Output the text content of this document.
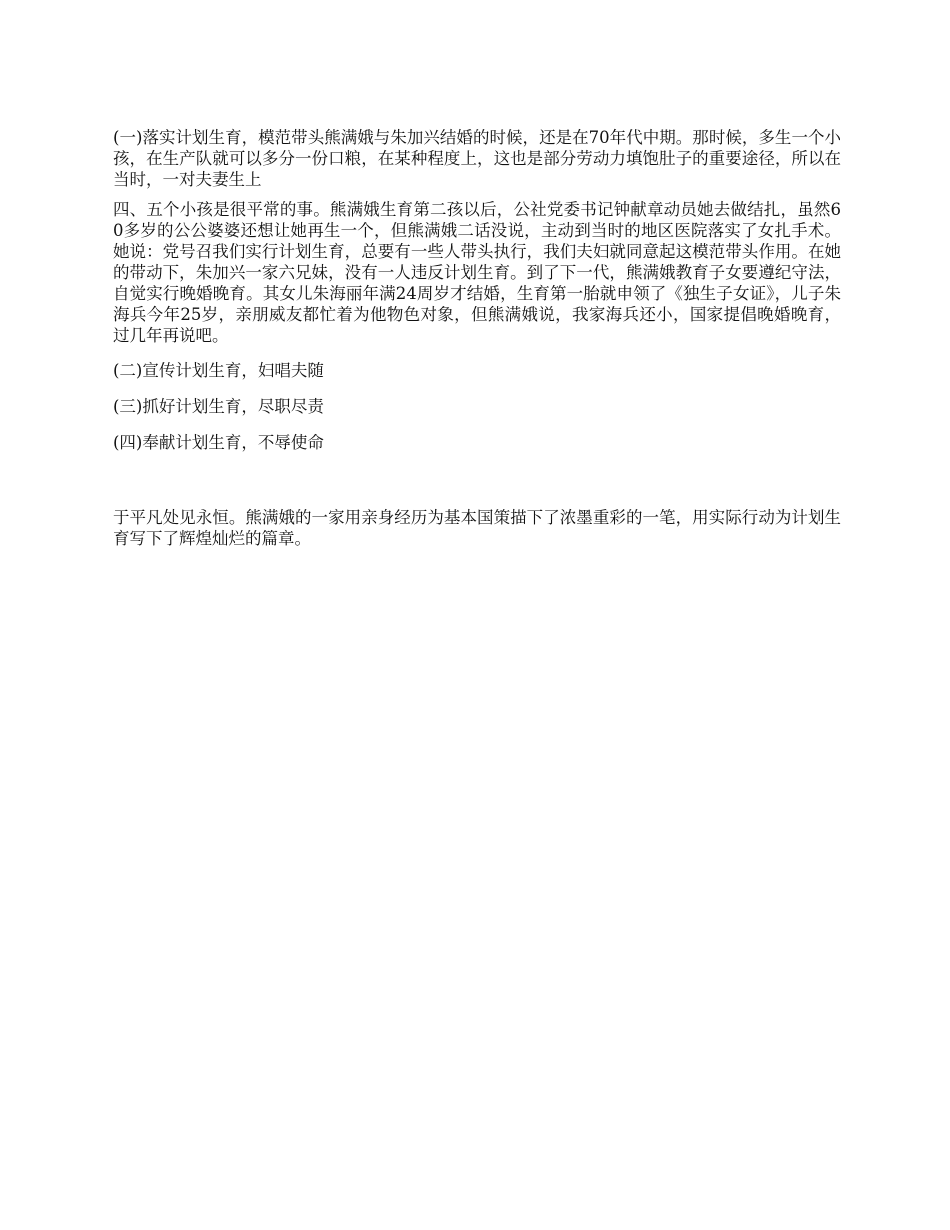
(一)落实计划生育，模范带头熊满娥与朱加兴结婚的时候，还是在70年代中期。那时候，多生一个小孩，在生产队就可以多分一份口粮，在某种程度上，这也是部分劳动力填饱肚子的重要途径，所以在当时，一对夫妻生上

四、五个小孩是很平常的事。熊满娥生育第二孩以后，公社党委书记钟献章动员她去做结扎，虽然60多岁的公公婆婆还想让她再生一个，但熊满娥二话没说，主动到当时的地区医院落实了女扎手术。她说：党号召我们实行计划生育，总要有一些人带头执行，我们夫妇就同意起这模范带头作用。在她的带动下，朱加兴一家六兄妹，没有一人违反计划生育。到了下一代，熊满娥教育子女要遵纪守法，自觉实行晚婚晚育。其女儿朱海丽年满24周岁才结婚，生育第一胎就申领了《独生子女证》，儿子朱海兵今年25岁，亲朋威友都忙着为他物色对象，但熊满娥说，我家海兵还小，国家提倡晚婚晚育，过几年再说吧。

(二)宣传计划生育，妇唱夫随

(三)抓好计划生育，尽职尽责

(四)奉献计划生育，不辱使命

于平凡处见永恒。熊满娥的一家用亲身经历为基本国策描下了浓墨重彩的一笔，用实际行动为计划生育写下了辉煌灿烂的篇章。
